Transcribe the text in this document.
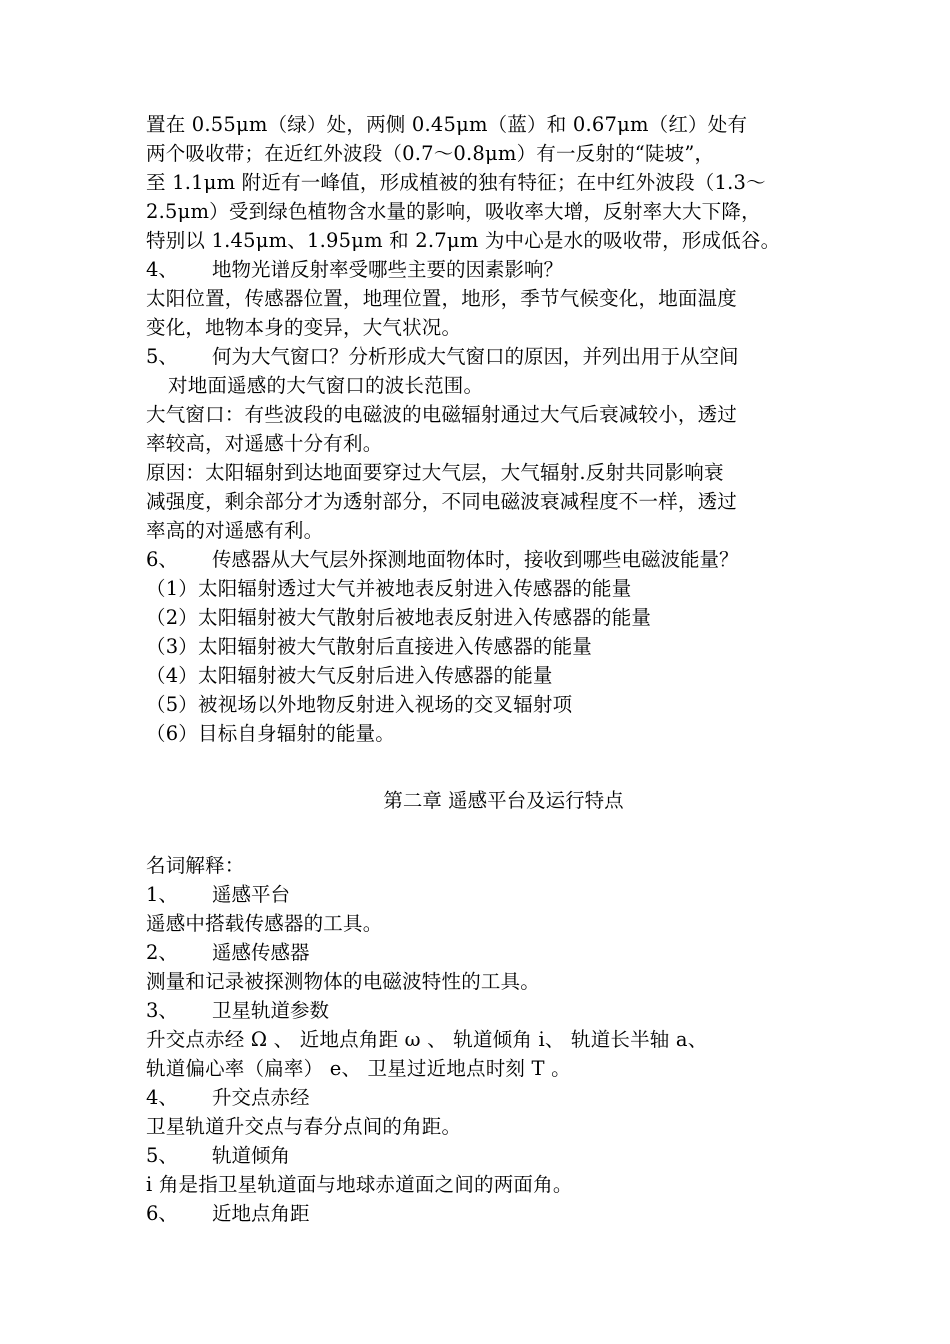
置在 0.55μm（绿）处，两侧 0.45μm（蓝）和 0.67μm（红）处有
两个吸收带；在近红外波段（0.7～0.8μm）有一反射的“陡坡”，
至 1.1μm 附近有一峰值，形成植被的独有特征；在中红外波段（1.3～
2.5μm）受到绿色植物含水量的影响，吸收率大增，反射率大大下降，
特别以 1.45μm、1.95μm 和 2.7μm 为中心是水的吸收带，形成低谷。
4、 地物光谱反射率受哪些主要的因素影响？
太阳位置，传感器位置，地理位置，地形，季节气候变化，地面温度
变化，地物本身的变异，大气状况。
5、 何为大气窗口？分析形成大气窗口的原因，并列出用于从空间
对地面遥感的大气窗口的波长范围。
大气窗口：有些波段的电磁波的电磁辐射通过大气后衰减较小，透过
率较高，对遥感十分有利。
原因：太阳辐射到达地面要穿过大气层，大气辐射.反射共同影响衰
减强度，剩余部分才为透射部分，不同电磁波衰减程度不一样，透过
率高的对遥感有利。
6、 传感器从大气层外探测地面物体时，接收到哪些电磁波能量？
（1）太阳辐射透过大气并被地表反射进入传感器的能量
（2）太阳辐射被大气散射后被地表反射进入传感器的能量
（3）太阳辐射被大气散射后直接进入传感器的能量
（4）太阳辐射被大气反射后进入传感器的能量
（5）被视场以外地物反射进入视场的交叉辐射项
（6）目标自身辐射的能量。
第二章 遥感平台及运行特点
名词解释：
1、 遥感平台
遥感中搭载传感器的工具。
2、 遥感传感器
测量和记录被探测物体的电磁波特性的工具。
3、 卫星轨道参数
升交点赤经 Ω 、 近地点角距 ω 、 轨道倾角 i、 轨道长半轴 a、
轨道偏心率（扁率） e、 卫星过近地点时刻 T 。
4、 升交点赤经
卫星轨道升交点与春分点间的角距。
5、 轨道倾角
i 角是指卫星轨道面与地球赤道面之间的两面角。
6、 近地点角距
